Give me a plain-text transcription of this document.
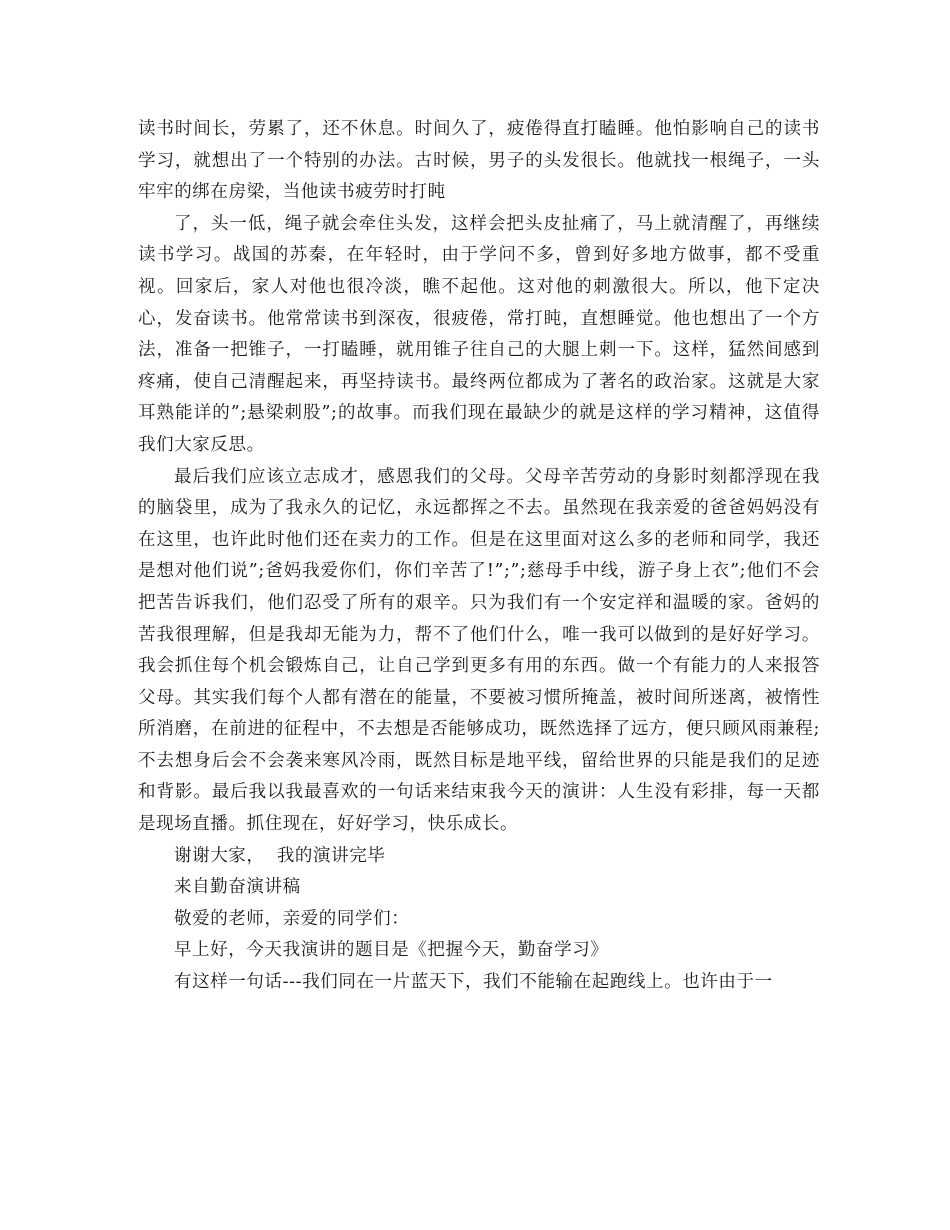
读书时间长，劳累了，还不休息。时间久了，疲倦得直打瞌睡。他怕影响自己的读书学习，就想出了一个特别的办法。古时候，男子的头发很长。他就找一根绳子，一头牢牢的绑在房梁，当他读书疲劳时打盹

了，头一低，绳子就会牵住头发，这样会把头皮扯痛了，马上就清醒了，再继续读书学习。战国的苏秦，在年轻时，由于学问不多，曾到好多地方做事，都不受重视。回家后，家人对他也很冷淡，瞧不起他。这对他的刺激很大。所以，他下定决心，发奋读书。他常常读书到深夜，很疲倦，常打盹，直想睡觉。他也想出了一个方法，准备一把锥子，一打瞌睡，就用锥子往自己的大腿上刺一下。这样，猛然间感到疼痛，使自己清醒起来，再坚持读书。最终两位都成为了著名的政治家。这就是大家耳熟能详的”;悬梁刺股”;的故事。而我们现在最缺少的就是这样的学习精神，这值得我们大家反思。

最后我们应该立志成才，感恩我们的父母。父母辛苦劳动的身影时刻都浮现在我的脑袋里，成为了我永久的记忆，永远都挥之不去。虽然现在我亲爱的爸爸妈妈没有在这里，也许此时他们还在卖力的工作。但是在这里面对这么多的老师和同学，我还是想对他们说”;爸妈我爱你们，你们辛苦了!”;”;慈母手中线，游子身上衣”;他们不会把苦告诉我们，他们忍受了所有的艰辛。只为我们有一个安定祥和温暖的家。爸妈的苦我很理解，但是我却无能为力，帮不了他们什么，唯一我可以做到的是好好学习。我会抓住每个机会锻炼自己，让自己学到更多有用的东西。做一个有能力的人来报答父母。其实我们每个人都有潜在的能量，不要被习惯所掩盖，被时间所迷离，被惰性所消磨，在前进的征程中，不去想是否能够成功，既然选择了远方，便只顾风雨兼程;不去想身后会不会袭来寒风冷雨，既然目标是地平线，留给世界的只能是我们的足迹和背影。最后我以我最喜欢的一句话来结束我今天的演讲：人生没有彩排，每一天都是现场直播。抓住现在，好好学习，快乐成长。

谢谢大家，  我的演讲完毕

来自勤奋演讲稿

敬爱的老师，亲爱的同学们：

早上好，今天我演讲的题目是《把握今天，勤奋学习》

有这样一句话---我们同在一片蓝天下，我们不能输在起跑线上。也许由于一
